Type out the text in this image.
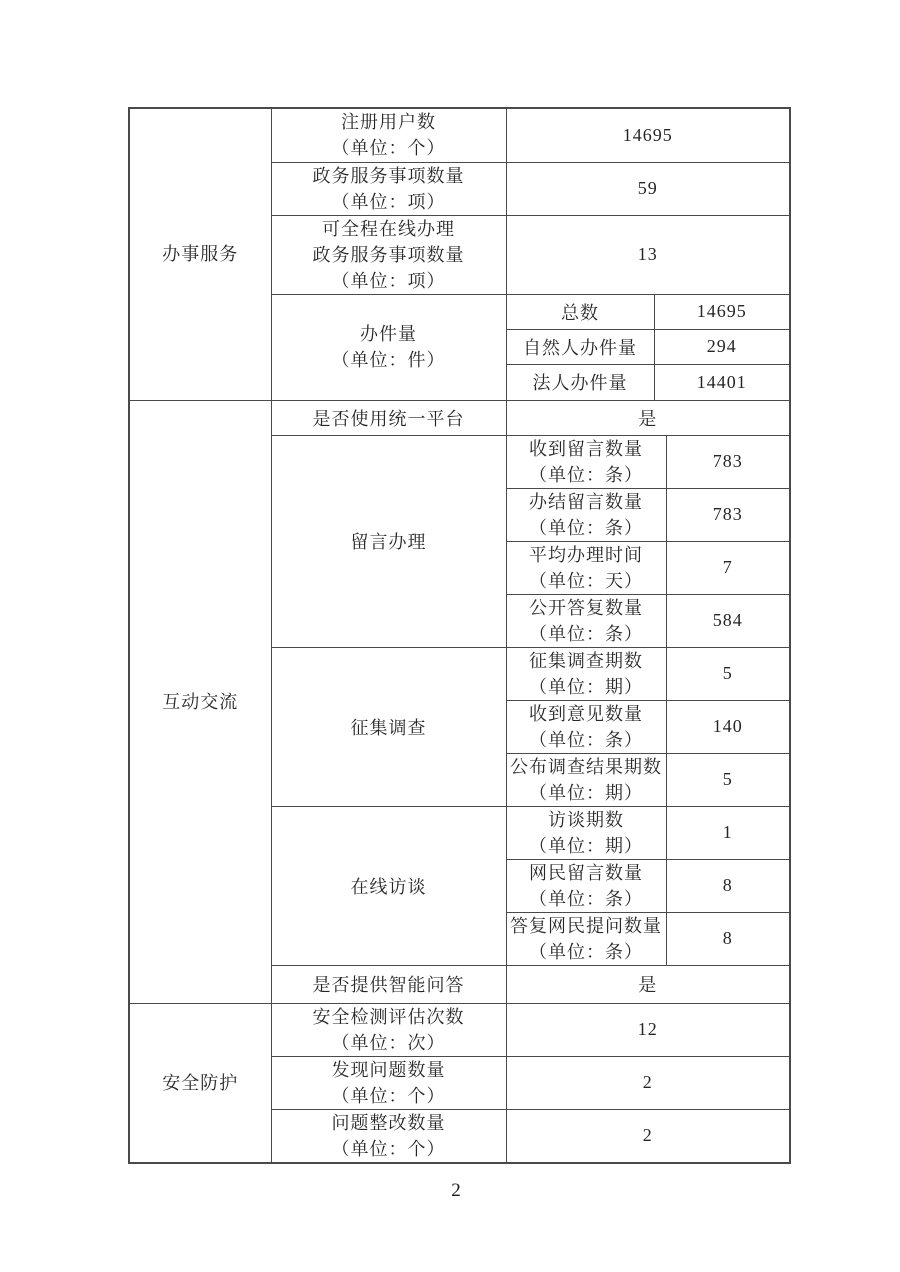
办事服务	注册用户数
（单位：个）	14695		

	政务服务事项数量
（单位：项）	59		

	可全程在线办理
政务服务事项数量
（单位：项）	13		

	办件量
（单位：件）	总数	14695	
		自然人办件量	294	
		法人办件量	14401	

互动交流	是否使用统一平台	是		
	留言办理	收到留言数量
（单位：条）		783

		办结留言数量
（单位：条）		783

		平均办理时间
（单位：天）		7

		公开答复数量
（单位：条）		584
	征集调查	征集调查期数
（单位：期）		5

		收到意见数量
（单位：条）		140

		公布调查结果期数
（单位：期）		5
	在线访谈	访谈期数
（单位：期）		1

		网民留言数量
（单位：条）		8

		答复网民提问数量
（单位：条）		8
	是否提供智能问答	是		

安全防护	安全检测评估次数
（单位：次）	12		

	发现问题数量
（单位：个）	2		

	问题整改数量
（单位：个）	2		
2
